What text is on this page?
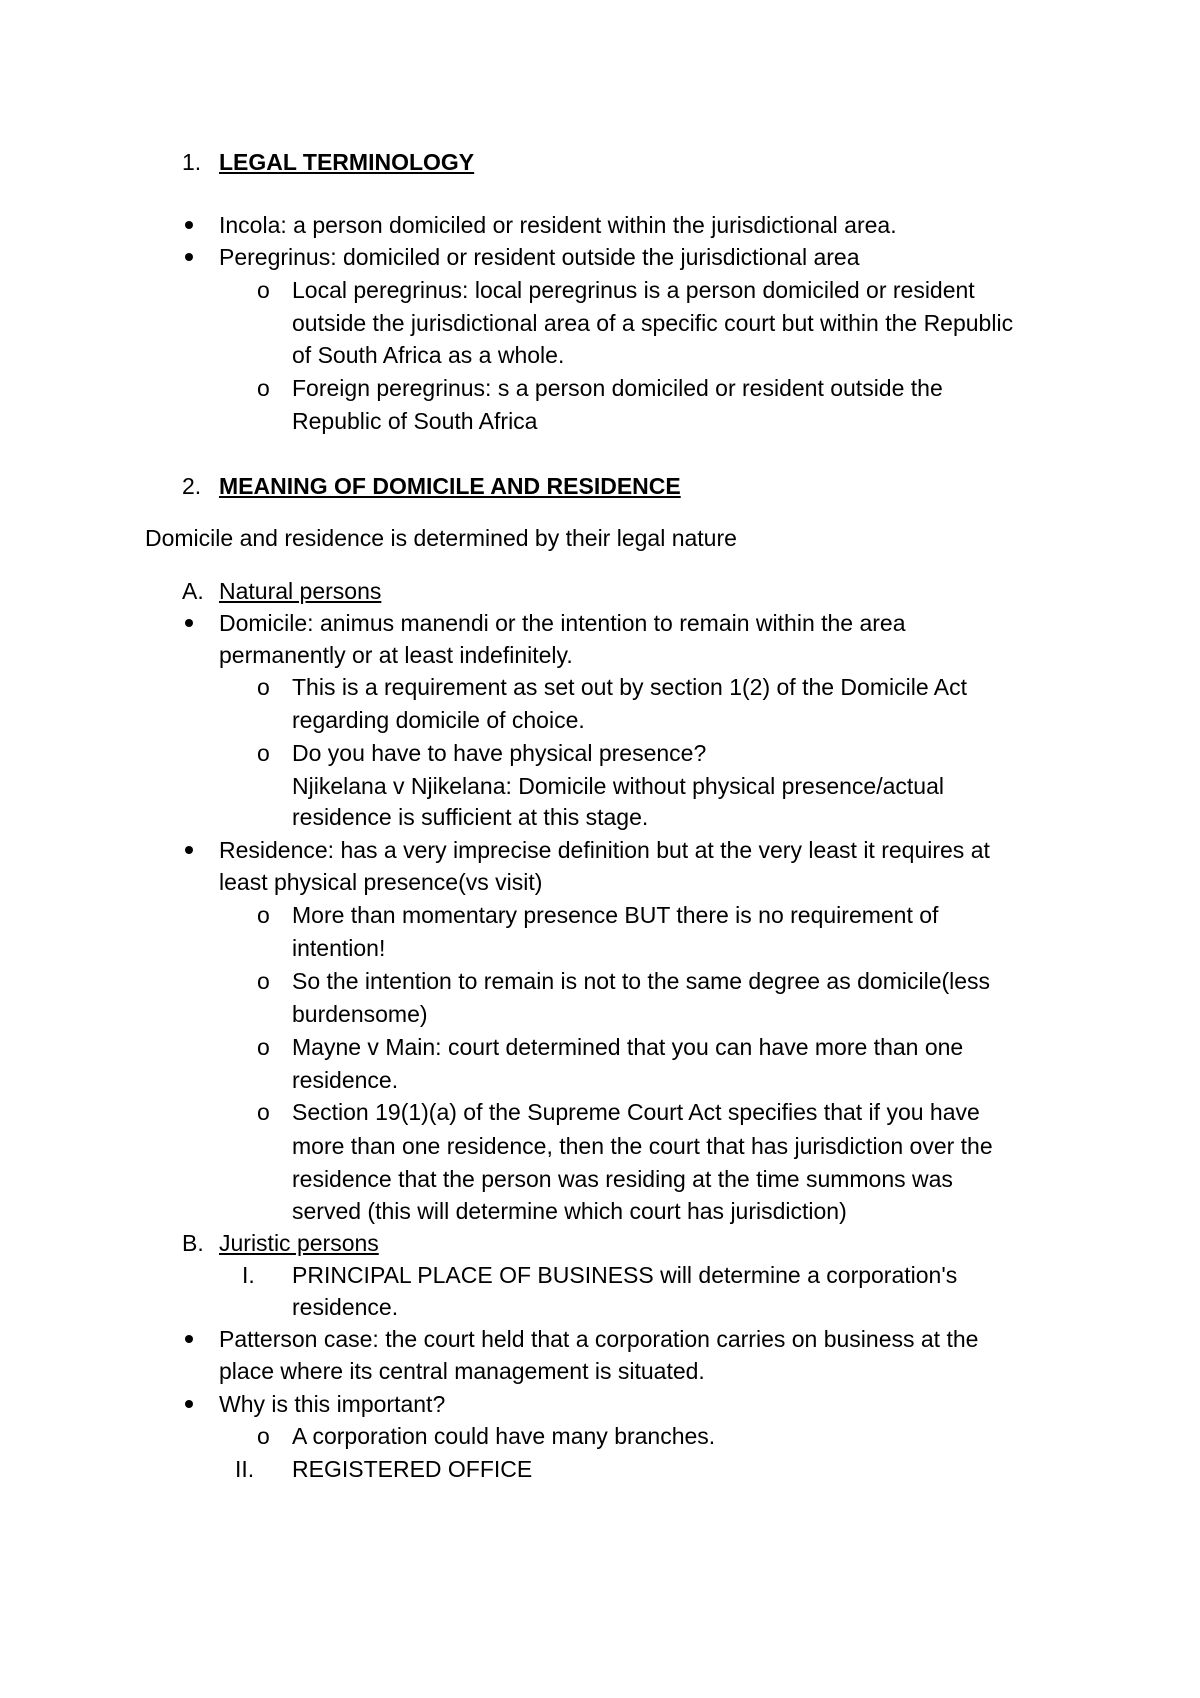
1. LEGAL TERMINOLOGY
Incola: a person domiciled or resident within the jurisdictional area.
Peregrinus: domiciled or resident outside the jurisdictional area
o Local peregrinus: local peregrinus is a person domiciled or resident
outside the jurisdictional area of a specific court but within the Republic
of South Africa as a whole.
o Foreign peregrinus: s a person domiciled or resident outside the
Republic of South Africa
2. MEANING OF DOMICILE AND RESIDENCE
Domicile and residence is determined by their legal nature
A. Natural persons
Domicile: animus manendi or the intention to remain within the area
permanently or at least indefinitely.
o This is a requirement as set out by section 1(2) of the Domicile Act
regarding domicile of choice.
o Do you have to have physical presence?
Njikelana v Njikelana: Domicile without physical presence/actual
residence is sufficient at this stage.
Residence: has a very imprecise definition but at the very least it requires at
least physical presence(vs visit)
o More than momentary presence BUT there is no requirement of
intention!
o So the intention to remain is not to the same degree as domicile(less
burdensome)
o Mayne v Main: court determined that you can have more than one
residence.
o Section 19(1)(a) of the Supreme Court Act specifies that if you have
more than one residence, then the court that has jurisdiction over the
residence that the person was residing at the time summons was
served (this will determine which court has jurisdiction)
B. Juristic persons
I. PRINCIPAL PLACE OF BUSINESS will determine a corporation's
residence.
Patterson case: the court held that a corporation carries on business at the
place where its central management is situated.
Why is this important?
o A corporation could have many branches.
II. REGISTERED OFFICE
